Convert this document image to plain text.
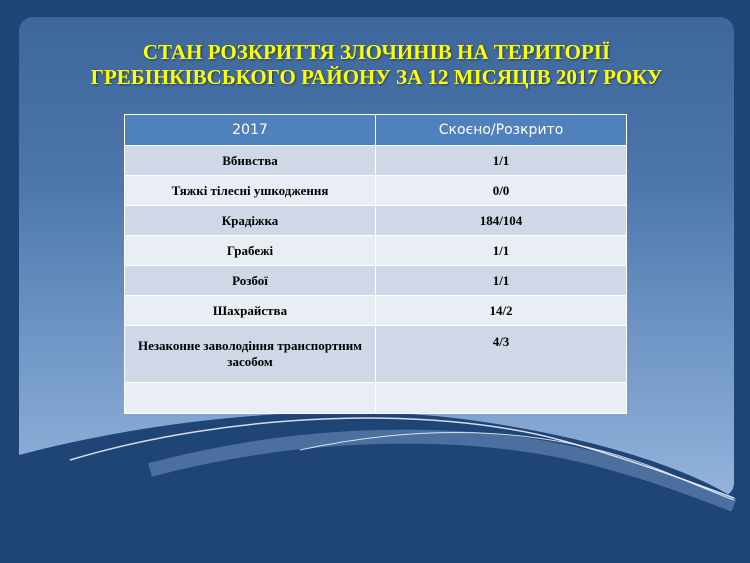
СТАН РОЗКРИТТЯ ЗЛОЧИНІВ НА ТЕРИТОРІЇ
ГРЕБІНКІВСЬКОГО РАЙОНУ ЗА 12 МІСЯЦІВ 2017 РОКУ
2017	Скоєно/Розкрито
Вбивства	1/1
Тяжкі тілесні ушкодження	0/0
Крадіжка	184/104
Грабежі	1/1
Розбої	1/1
Шахрайства	14/2
Незаконне заволодіння транспортним засобом	4/3
